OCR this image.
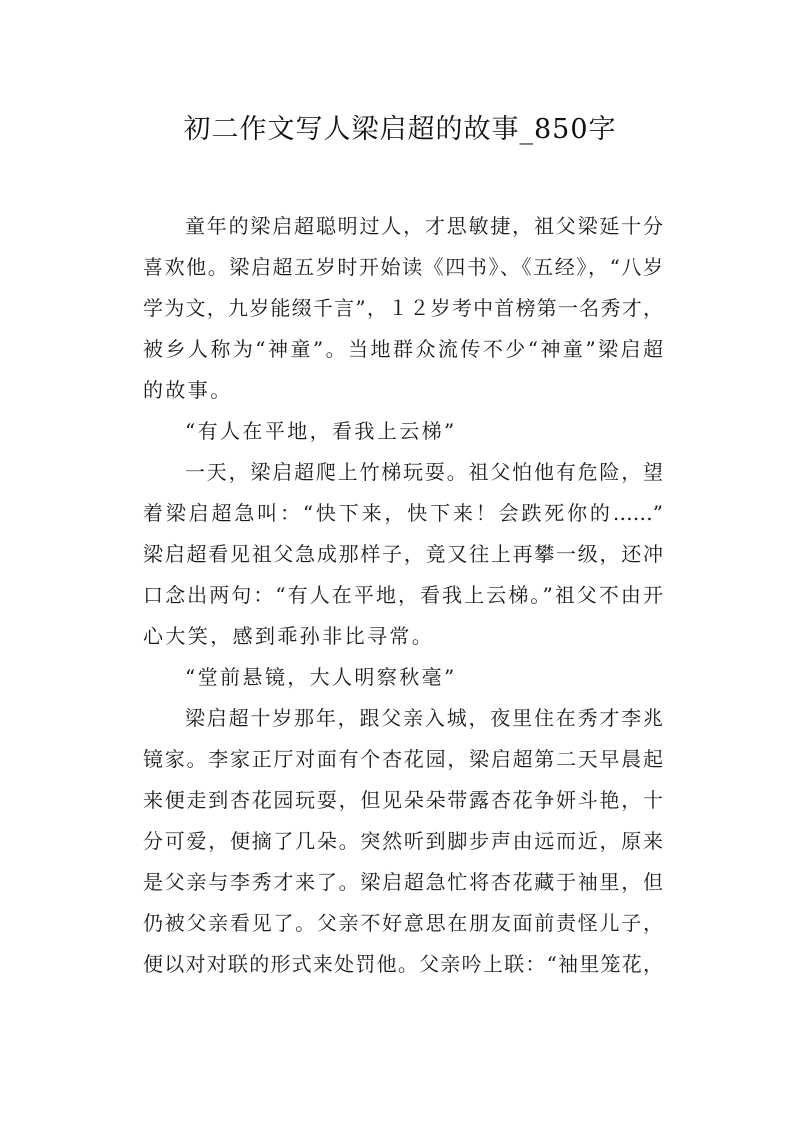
初二作文写人梁启超的故事_850字
童年的梁启超聪明过人，才思敏捷，祖父梁延十分
喜欢他。梁启超五岁时开始读《四书》、《五经》，“八岁
学为文，九岁能缀千言”，１２岁考中首榜第一名秀才，
被乡人称为“神童”。当地群众流传不少“神童”梁启超
的故事。
“有人在平地，看我上云梯”
一天，梁启超爬上竹梯玩耍。祖父怕他有危险，望
着梁启超急叫：“快下来，快下来！会跌死你的……”
梁启超看见祖父急成那样子，竟又往上再攀一级，还冲
口念出两句：“有人在平地，看我上云梯。”祖父不由开
心大笑，感到乖孙非比寻常。
“堂前悬镜，大人明察秋毫”
梁启超十岁那年，跟父亲入城，夜里住在秀才李兆
镜家。李家正厅对面有个杏花园，梁启超第二天早晨起
来便走到杏花园玩耍，但见朵朵带露杏花争妍斗艳，十
分可爱，便摘了几朵。突然听到脚步声由远而近，原来
是父亲与李秀才来了。梁启超急忙将杏花藏于袖里，但
仍被父亲看见了。父亲不好意思在朋友面前责怪儿子，
便以对对联的形式来处罚他。父亲吟上联：“袖里笼花，
